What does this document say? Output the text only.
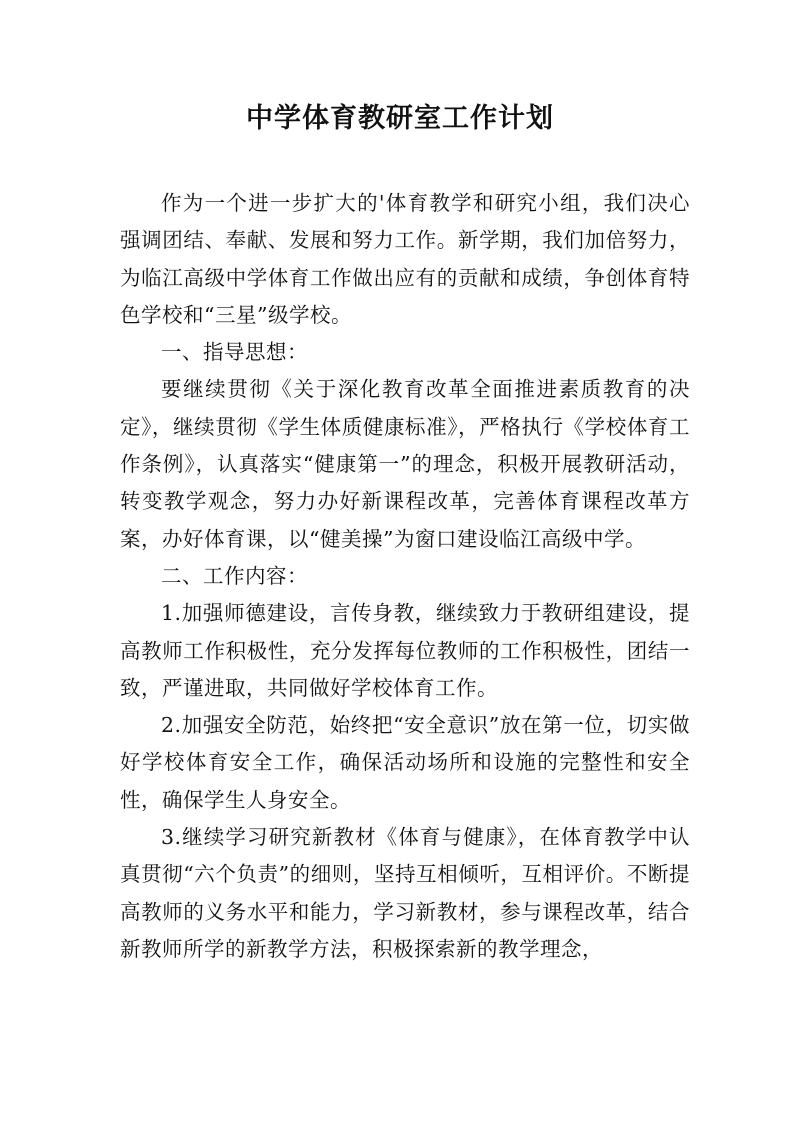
中学体育教研室工作计划

作为一个进一步扩大的'体育教学和研究小组，我们决心强调团结、奉献、发展和努力工作。新学期，我们加倍努力，为临江高级中学体育工作做出应有的贡献和成绩，争创体育特色学校和“三星”级学校。

一、指导思想：

要继续贯彻《关于深化教育改革全面推进素质教育的决定》，继续贯彻《学生体质健康标准》，严格执行《学校体育工作条例》，认真落实“健康第一”的理念，积极开展教研活动，转变教学观念，努力办好新课程改革，完善体育课程改革方案，办好体育课，以“健美操”为窗口建设临江高级中学。

二、工作内容：

1.加强师德建设，言传身教，继续致力于教研组建设，提高教师工作积极性，充分发挥每位教师的工作积极性，团结一致，严谨进取，共同做好学校体育工作。

2.加强安全防范，始终把“安全意识”放在第一位，切实做好学校体育安全工作，确保活动场所和设施的完整性和安全性，确保学生人身安全。

3.继续学习研究新教材《体育与健康》，在体育教学中认真贯彻“六个负责”的细则，坚持互相倾听，互相评价。不断提高教师的义务水平和能力，学习新教材，参与课程改革，结合新教师所学的新教学方法，积极探索新的教学理念，
